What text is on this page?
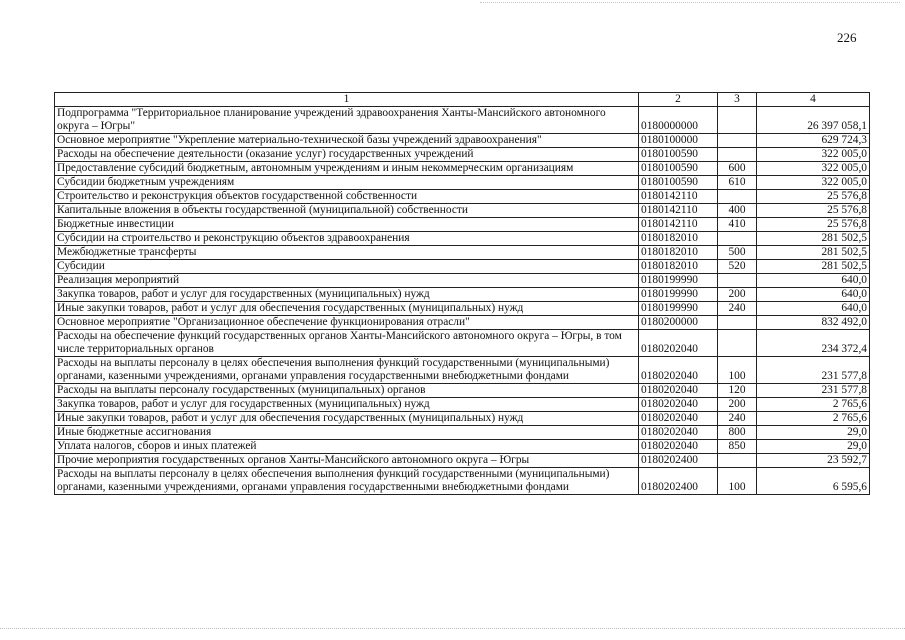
226
1	2	3	4
Подпрограмма "Территориальное планирование учреждений здравоохранения Ханты-Мансийского автономного округа – Югры"	0180000000		26 397 058,1
Основное мероприятие "Укрепление материально-технической базы учреждений здравоохранения"	0180100000		629 724,3
Расходы на обеспечение деятельности (оказание услуг) государственных учреждений	0180100590		322 005,0
Предоставление субсидий бюджетным, автономным учреждениям и иным некоммерческим организациям	0180100590	600	322 005,0
Субсидии бюджетным учреждениям	0180100590	610	322 005,0
Строительство и реконструкция объектов государственной собственности	0180142110		25 576,8
Капитальные вложения в объекты государственной (муниципальной) собственности	0180142110	400	25 576,8
Бюджетные инвестиции	0180142110	410	25 576,8
Субсидии на строительство и реконструкцию объектов здравоохранения	0180182010		281 502,5
Межбюджетные трансферты	0180182010	500	281 502,5
Субсидии	0180182010	520	281 502,5
Реализация мероприятий	0180199990		640,0
Закупка товаров, работ и услуг для государственных (муниципальных) нужд	0180199990	200	640,0
Иные закупки товаров, работ и услуг для обеспечения государственных (муниципальных) нужд	0180199990	240	640,0
Основное мероприятие "Организационное обеспечение функционирования отрасли"	0180200000		832 492,0
Расходы на обеспечение функций государственных органов Ханты-Мансийского автономного округа – Югры, в том числе территориальных органов	0180202040		234 372,4
Расходы на выплаты персоналу в целях обеспечения выполнения функций государственными (муниципальными) органами, казенными учреждениями, органами управления государственными внебюджетными фондами	0180202040	100	231 577,8
Расходы на выплаты персоналу государственных (муниципальных) органов	0180202040	120	231 577,8
Закупка товаров, работ и услуг для государственных (муниципальных) нужд	0180202040	200	2 765,6
Иные закупки товаров, работ и услуг для обеспечения государственных (муниципальных) нужд	0180202040	240	2 765,6
Иные бюджетные ассигнования	0180202040	800	29,0
Уплата налогов, сборов и иных платежей	0180202040	850	29,0
Прочие мероприятия государственных органов Ханты-Мансийского автономного округа – Югры	0180202400		23 592,7
Расходы на выплаты персоналу в целях обеспечения выполнения функций государственными (муниципальными) органами, казенными учреждениями, органами управления государственными внебюджетными фондами	0180202400	100	6 595,6
